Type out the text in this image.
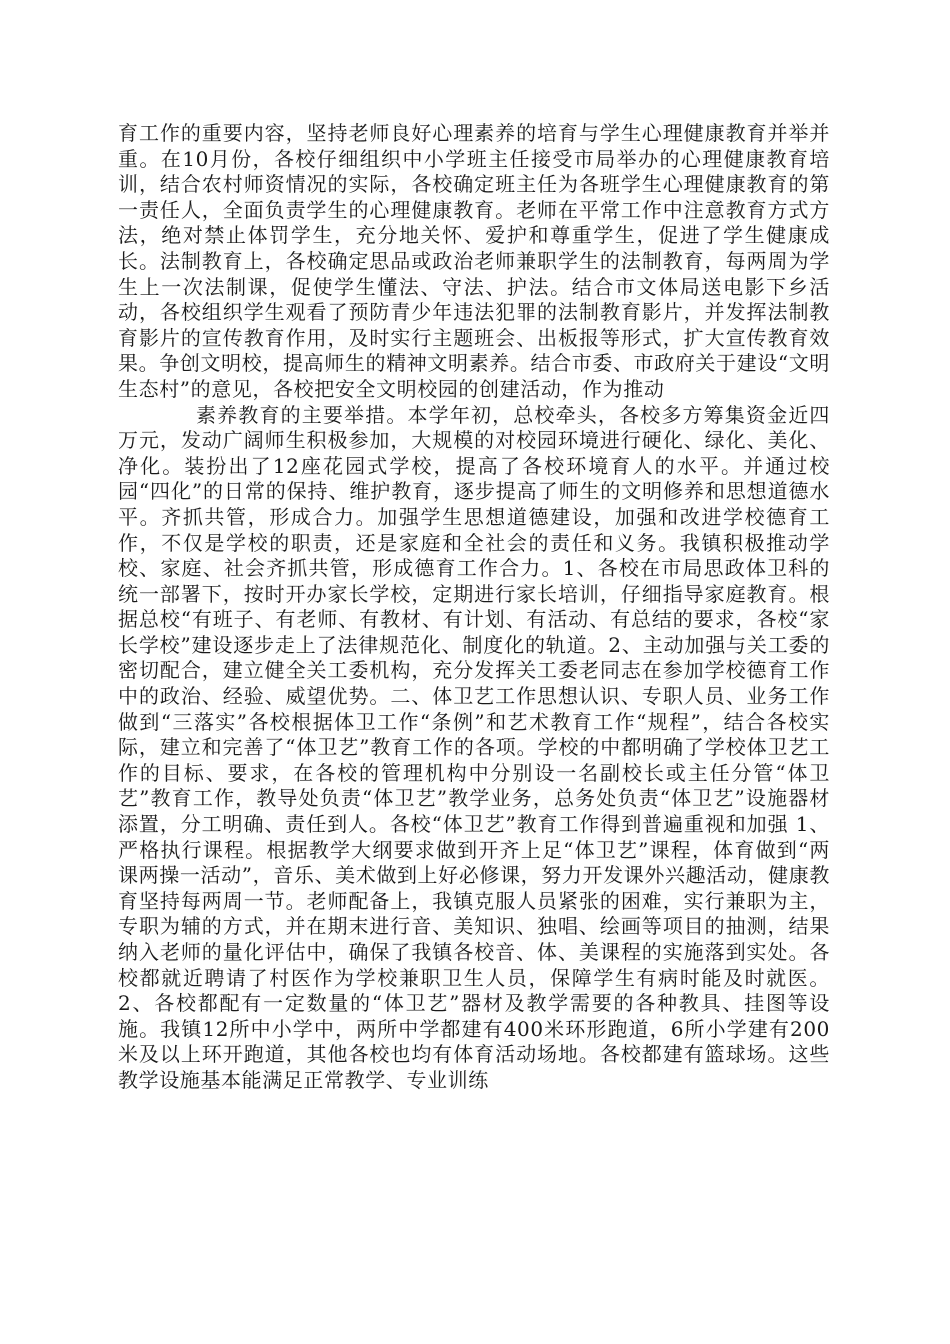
育工作的重要内容，坚持老师良好心理素养的培育与学生心理健康教育并举并重。在10月份，各校仔细组织中小学班主任接受市局举办的心理健康教育培训，结合农村师资情况的实际，各校确定班主任为各班学生心理健康教育的第一责任人，全面负责学生的心理健康教育。老师在平常工作中注意教育方式方法，绝对禁止体罚学生，充分地关怀、爱护和尊重学生，促进了学生健康成长。法制教育上，各校确定思品或政治老师兼职学生的法制教育，每两周为学生上一次法制课，促使学生懂法、守法、护法。结合市文体局送电影下乡活动，各校组织学生观看了预防青少年违法犯罪的法制教育影片，并发挥法制教育影片的宣传教育作用，及时实行主题班会、出板报等形式，扩大宣传教育效果。争创文明校，提高师生的精神文明素养。结合市委、市政府关于建设“文明生态村”的意见，各校把安全文明校园的创建活动，作为推动

素养教育的主要举措。本学年初，总校牵头，各校多方筹集资金近四万元，发动广阔师生积极参加，大规模的对校园环境进行硬化、绿化、美化、净化。装扮出了12座花园式学校，提高了各校环境育人的水平。并通过校园“四化”的日常的保持、维护教育，逐步提高了师生的文明修养和思想道德水平。齐抓共管，形成合力。加强学生思想道德建设，加强和改进学校德育工作，不仅是学校的职责，还是家庭和全社会的责任和义务。我镇积极推动学校、家庭、社会齐抓共管，形成德育工作合力。1、各校在市局思政体卫科的统一部署下，按时开办家长学校，定期进行家长培训，仔细指导家庭教育。根据总校“有班子、有老师、有教材、有计划、有活动、有总结的要求，各校“家长学校”建设逐步走上了法律规范化、制度化的轨道。2、主动加强与关工委的密切配合，建立健全关工委机构，充分发挥关工委老同志在参加学校德育工作中的政治、经验、威望优势。二、体卫艺工作思想认识、专职人员、业务工作做到“三落实”各校根据体卫工作“条例”和艺术教育工作“规程”，结合各校实际，建立和完善了“体卫艺”教育工作的各项。学校的中都明确了学校体卫艺工作的目标、要求，在各校的管理机构中分别设一名副校长或主任分管“体卫艺”教育工作，教导处负责“体卫艺”教学业务，总务处负责“体卫艺”设施器材添置，分工明确、责任到人。各校“体卫艺”教育工作得到普遍重视和加强 1、严格执行课程。根据教学大纲要求做到开齐上足“体卫艺”课程，体育做到“两课两操一活动”，音乐、美术做到上好必修课，努力开发课外兴趣活动，健康教育坚持每两周一节。老师配备上，我镇克服人员紧张的困难，实行兼职为主，专职为辅的方式，并在期末进行音、美知识、独唱、绘画等项目的抽测，结果纳入老师的量化评估中，确保了我镇各校音、体、美课程的实施落到实处。各校都就近聘请了村医作为学校兼职卫生人员，保障学生有病时能及时就医。2、各校都配有一定数量的“体卫艺”器材及教学需要的各种教具、挂图等设施。我镇12所中小学中，两所中学都建有400米环形跑道，6所小学建有200米及以上环开跑道，其他各校也均有体育活动场地。各校都建有篮球场。这些教学设施基本能满足正常教学、专业训练
